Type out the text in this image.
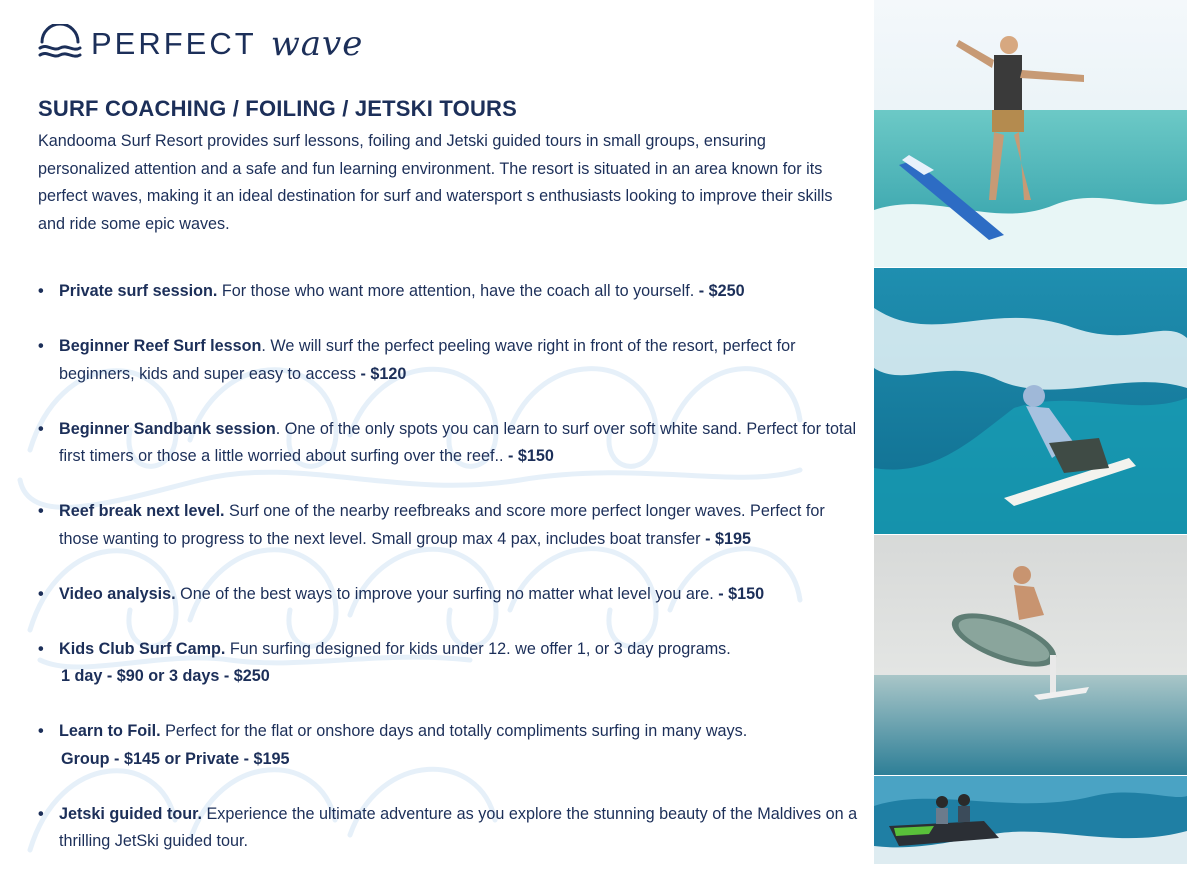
PERFECT wave
SURF COACHING / FOILING / JETSKI TOURS

Kandooma Surf Resort provides surf lessons, foiling and Jetski guided tours in small groups, ensuring personalized attention and a safe and fun learning environment. The resort is situated in an area known for its perfect waves, making it an ideal destination for surf and watersport s enthusiasts looking to improve their skills and ride some epic waves.

• Private surf session. For those who want more attention, have the coach all to yourself. - $250
• Beginner Reef Surf lesson. We will surf the perfect peeling wave right in front of the resort, perfect for beginners, kids and super easy to access - $120
• Beginner Sandbank session. One of the only spots you can learn to surf over soft white sand. Perfect for total first timers or those a little worried about surfing over the reef.. - $150
• Reef break next level. Surf one of the nearby reefbreaks and score more perfect longer waves. Perfect for those wanting to progress to the next level. Small group max 4 pax, includes boat transfer - $195
• Video analysis. One of the best ways to improve your surfing no matter what level you are. - $150
• Kids Club Surf Camp. Fun surfing designed for kids under 12. we offer 1, or 3 day programs.
1 day - $90 or 3 days - $250
• Learn to Foil. Perfect for the flat or onshore days and totally compliments surfing in many ways.
Group - $145 or Private - $195
• Jetski guided tour. Experience the ultimate adventure as you explore the stunning beauty of the Maldives on a thrilling JetSki guided tour.
